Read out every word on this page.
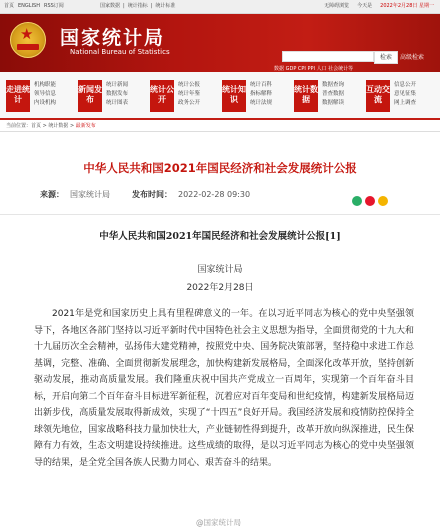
首页 ENGLISH RSS订阅	国家数据 | 统计指标 | 统计标准	无障碍浏览 今天是 2022年2月28日 星期一
★ 国家统计局
National Bureau of Statistics
检索	高级检索
数据 GDP CPI PPI 人口 社会统计等
走进统计
机构职能
领导信息
内设机构
新闻发布
统计新闻
数据发布
统计图表
统计公开
统计公报
统计年鉴
政务公开
统计知识
统计百科
指标解释
统计法规
统计数据
数据查询
普查数据
数据解读
互动交流
信息公开
意见征集
网上调查
当前位置：首页 > 统计数据 > 最新发布
中华人民共和国2021年国民经济和社会发展统计公报
来源： 国家统计局	发布时间： 2022-02-28 09:30
中华人民共和国2021年国民经济和社会发展统计公报[1]
国家统计局
2022年2月28日

2021年是党和国家历史上具有里程碑意义的一年。在以习近平同志为核心的党中央坚强领导下，各地区各部门坚持以习近平新时代中国特色社会主义思想为指导，全面贯彻党的十九大和十九届历次全会精神，弘扬伟大建党精神，按照党中央、国务院决策部署，坚持稳中求进工作总基调，完整、准确、全面贯彻新发展理念，加快构建新发展格局，全面深化改革开放，坚持创新驱动发展，推动高质量发展。我们隆重庆祝中国共产党成立一百周年，实现第一个百年奋斗目标，开启向第二个百年奋斗目标进军新征程，沉着应对百年变局和世纪疫情，构建新发展格局迈出新步伐，高质量发展取得新成效，实现了“十四五”良好开局。我国经济发展和疫情防控保持全球领先地位，国家战略科技力量加快壮大，产业链韧性得到提升，改革开放向纵深推进，民生保障有力有效，生态文明建设持续推进。这些成绩的取得，是以习近平同志为核心的党中央坚强领导的结果，是全党全国各族人民勠力同心、艰苦奋斗的结果。

@国家统计局
